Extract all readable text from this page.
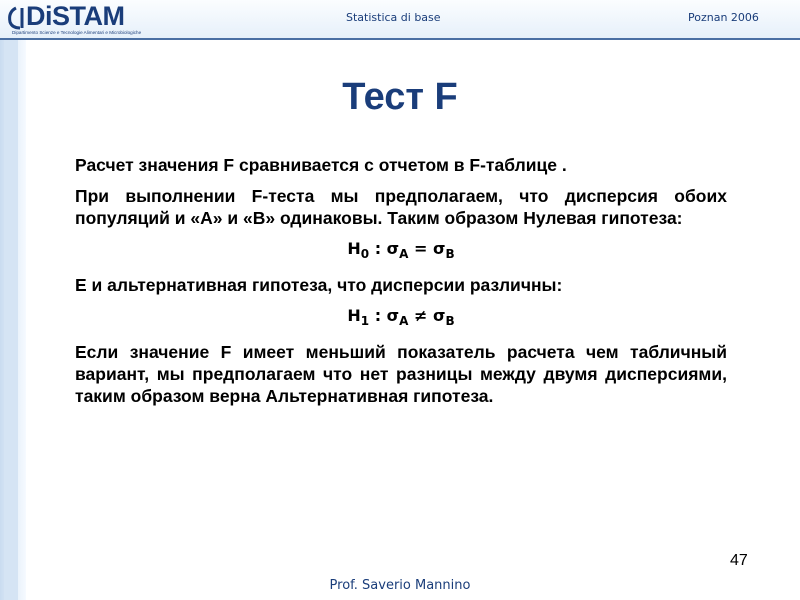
DiSTAM
Dipartimento Scienze e Tecnologie Alimentari e Microbiologiche
Statistica di base	Poznan 2006
Тест F

Расчет значения F сравнивается с отчетом в F-таблице .

При выполнении F-теста мы предполагаем, что дисперсия обоих популяций и «A» и «B» одинаковы. Таким образом Нулевая гипотеза:

$H_0$ : $\sigma_A = \sigma_B$

E и альтернативная гипотеза, что дисперсии различны:

$H_1$ : $\sigma_A \ne \sigma_B$

Если значение F имеет меньший показатель расчета чем табличный вариант, мы предполагаем что нет разницы между двумя дисперсиями, таким образом верна Альтернативная гипотеза.

47
Prof. Saverio Mannino
